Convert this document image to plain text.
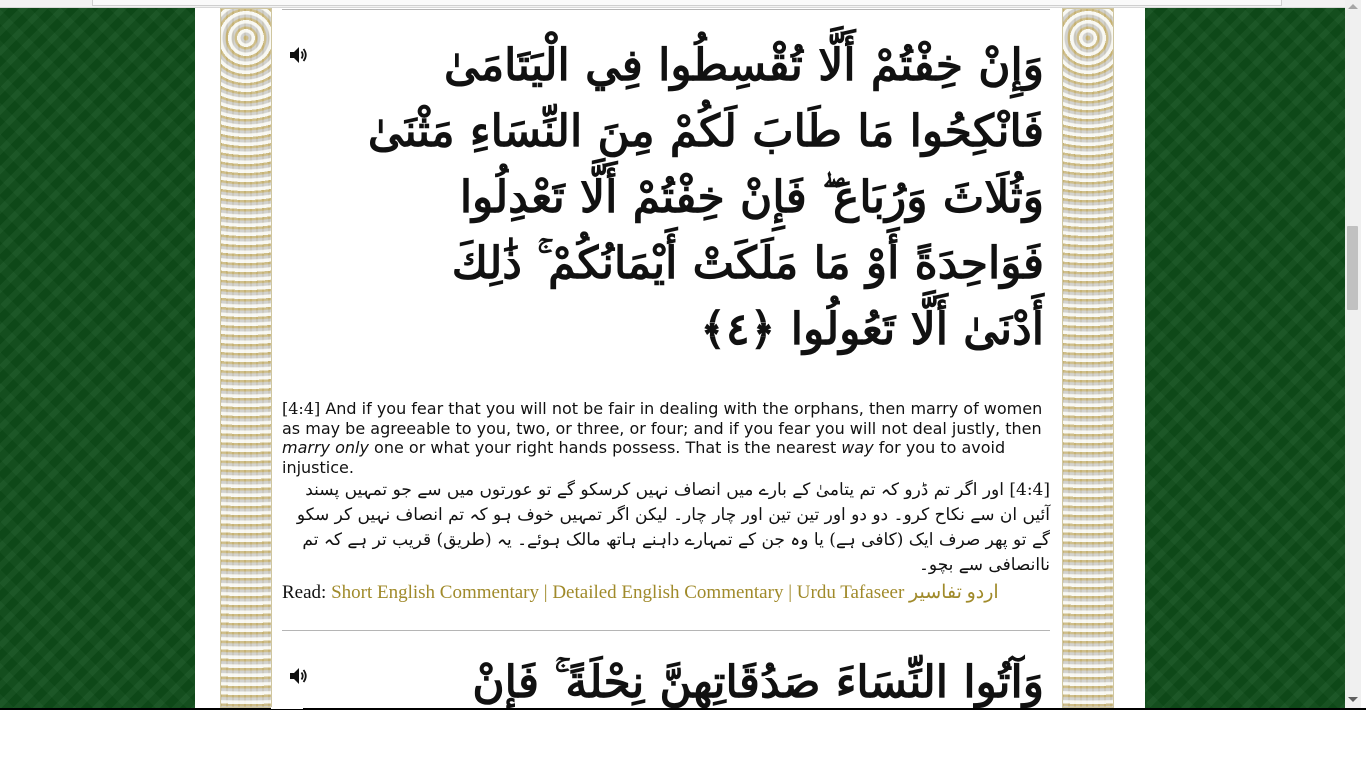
وَإِنْ خِفْتُمْ أَلَّا تُقْسِطُوا فِي الْيَتَامَىٰ
فَانْكِحُوا مَا طَابَ لَكُمْ مِنَ النِّسَاءِ مَثْنَىٰ
وَثُلَاثَ وَرُبَاعَ ۖ فَإِنْ خِفْتُمْ أَلَّا تَعْدِلُوا
فَوَاحِدَةً أَوْ مَا مَلَكَتْ أَيْمَانُكُمْ ۚ ذَٰلِكَ
أَدْنَىٰ أَلَّا تَعُولُوا ﴿٤﴾
[4:4] And if you fear that you will not be fair in dealing with the orphans, then marry of women as may be agreeable to you, two, or three, or four; and if you fear you will not deal justly, then marry only one or what your right hands possess. That is the nearest way for you to avoid injustice.
[4:4] اور اگر تم ڈرو کہ تم یتامیٰ کے بارے میں انصاف نہیں کرسکو گے تو عورتوں میں سے جو تمہیں پسند آئیں ان سے نکاح کرو۔ دو دو اور تین تین اور چار چار۔ لیکن اگر تمہیں خوف ہو کہ تم انصاف نہیں کر سکو گے تو پھر صرف ایک (کافی ہے) یا وہ جن کے تمہارے داہنے ہاتھ مالک ہوئے۔ یہ (طریق) قریب تر ہے کہ تم ناانصافی سے بچو۔
Read: Short English Commentary | Detailed English Commentary | Urdu Tafaseer اردو تفاسیر
وَآتُوا النِّسَاءَ صَدُقَاتِهِنَّ نِحْلَةً ۚ فَإِنْ
